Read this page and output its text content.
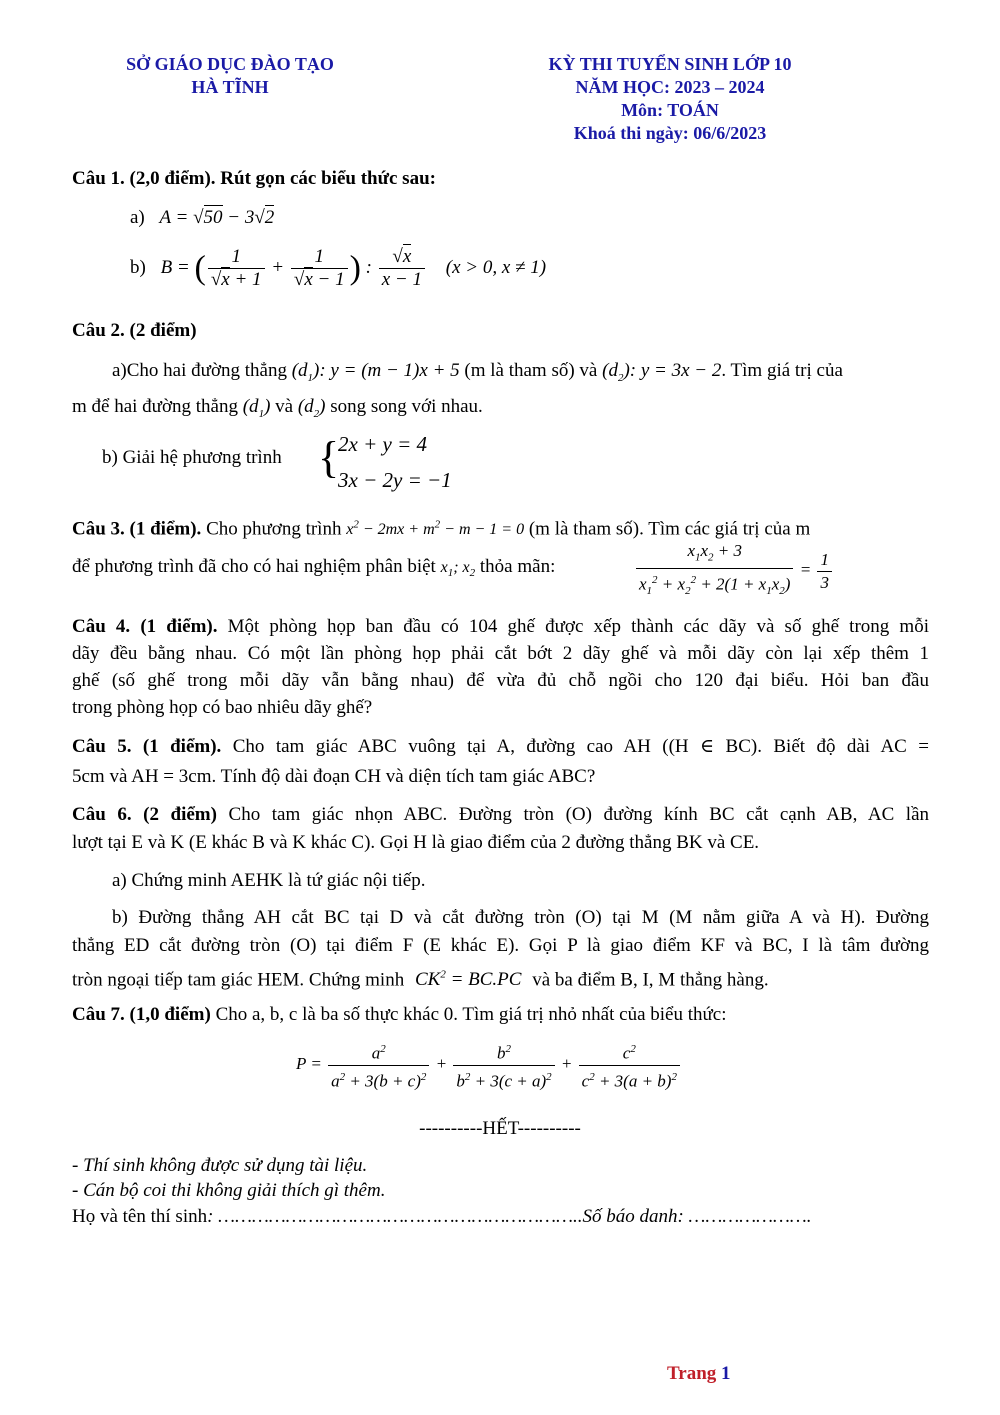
SỞ GIÁO DỤC ĐÀO TẠO
HÀ TĨNH
KỲ THI TUYỂN SINH LỚP 10
NĂM HỌC: 2023 – 2024
Môn: TOÁN
Khoá thi ngày: 06/6/2023
Câu 1. (2,0 điểm). Rút gọn các biểu thức sau:
a) A = √50 − 3√2
b) B = ( $\frac{1}{√x + 1} + \frac{1}{√x - 1}$ ) : $\frac{√x}{x - 1} (x > 0$, x ≠ 1)
Câu 2. (2 điểm)
a)Cho hai đường thẳng $(d_1)$: y = (m − 1)x + 5 (m là tham số) và $(d_2)$: y = 3x − 2. Tìm giá trị của
m để hai đường thẳng $(d_1)$ và $(d_2)$ song song với nhau.
b) Giải hệ phương trình {
2x + y = 4
3x − 2y = −1
Câu 3. (1 điểm). Cho phương trình $x^2 - 2mx + m^2 - m - 1 = 0$ (m là tham số). Tìm các giá trị của m
để phương trình đã cho có hai nghiệm phân biệt $x_1$; $x_2$ thỏa mãn:	$\frac{x_1x_2 + 3}{x_1^2 + x_2^2 + 2(1 + x_1x_2)} = \frac{1}{3}$
Câu 4. (1 điểm). Một phòng họp ban đầu có 104 ghế được xếp thành các dãy và số ghế trong mỗi
dãy đều bằng nhau. Có một lần phòng họp phải cắt bớt 2 dãy ghế và mỗi dãy còn lại xếp thêm 1
ghế (số ghế trong mỗi dãy vẫn bằng nhau) để vừa đủ chỗ ngồi cho 120 đại biểu. Hỏi ban đầu
trong phòng họp có bao nhiêu dãy ghế?
Câu 5. (1 điểm). Cho tam giác ABC vuông tại A, đường cao AH ((H ∈ BC). Biết độ dài AC =
5cm và AH = 3cm. Tính độ dài đoạn CH và diện tích tam giác ABC?
Câu 6. (2 điểm) Cho tam giác nhọn ABC. Đường tròn (O) đường kính BC cắt cạnh AB, AC lần
lượt tại E và K (E khác B và K khác C). Gọi H là giao điểm của 2 đường thẳng BK và CE.
a) Chứng minh AEHK là tứ giác nội tiếp.
b) Đường thẳng AH cắt BC tại D và cắt đường tròn (O) tại M (M nằm giữa A và H). Đường
thẳng ED cắt đường tròn (O) tại điểm F (E khác E). Gọi P là giao điểm KF và BC, I là tâm đường
tròn ngoại tiếp tam giác HEM. Chứng minh $CK^2 = BC.PC$ và ba điểm B, I, M thẳng hàng.
Câu 7. (1,0 điểm) Cho a, b, c là ba số thực khác 0. Tìm giá trị nhỏ nhất của biểu thức:
$P = \frac{a^2}{a^2 + 3(b + c)^2} + \frac{b^2}{b^2 + 3(c + a)^2} + \frac{c^2}{c^2 + 3(a + b)^2}$
----------HẾT----------
- Thí sinh không được sử dụng tài liệu.
- Cán bộ coi thi không giải thích gì thêm.
Họ và tên thí sinh: ………………………………………………………..Số báo danh: ………………….
Trang 1
